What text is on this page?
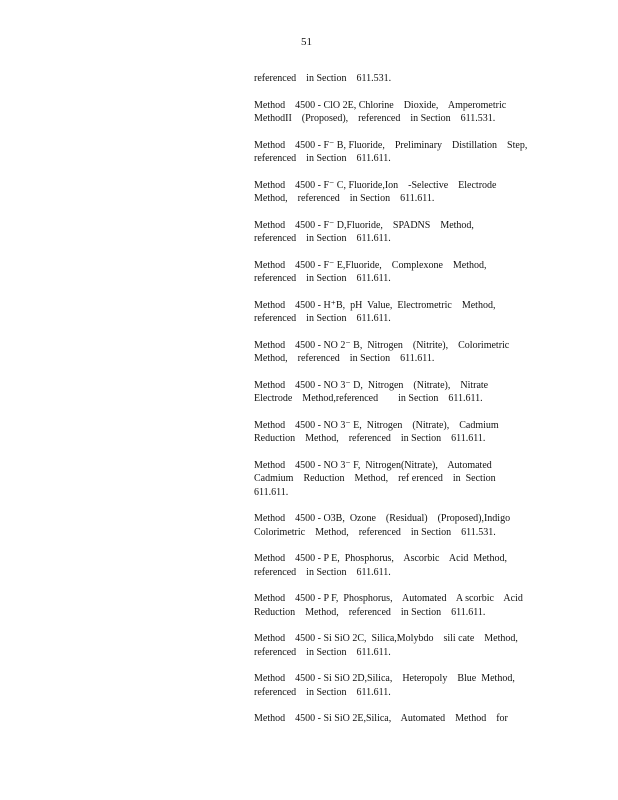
51
referenced    in Section    611.531.
Method    4500 - ClO 2E, Chlorine    Dioxide,    Amperometric
MethodII    (Proposed),    referenced    in Section    611.531.
Method    4500 - F⁻ B, Fluoride,    Preliminary    Distillation    Step,
referenced    in Section    611.611.
Method    4500 - F⁻ C, Fluoride,Ion    -Selective    Electrode
Method,    referenced    in Section    611.611.
Method    4500 - F⁻ D,Fluoride,    SPADNS    Method,
referenced    in Section    611.611.
Method    4500 - F⁻ E,Fluoride,    Complexone    Method,
referenced    in Section    611.611.
Method    4500 - H⁺B,  pH  Value,  Electrometric    Method,
referenced    in Section    611.611.
Method    4500 - NO 2⁻ B,  Nitrogen    (Nitrite),    Colorimetric
Method,    referenced    in Section    611.611.
Method    4500 - NO 3⁻ D,  Nitrogen    (Nitrate),    Nitrate
Electrode    Method,referenced        in Section    611.611.
Method    4500 - NO 3⁻ E,  Nitrogen    (Nitrate),    Cadmium
Reduction    Method,    referenced    in Section    611.611.
Method    4500 - NO 3⁻ F,  Nitrogen(Nitrate),    Automated
Cadmium    Reduction    Method,    ref erenced    in  Section
611.611.
Method    4500 - O3B,  Ozone    (Residual)    (Proposed),Indigo
Colorimetric    Method,    referenced    in Section    611.531.
Method    4500 - P E,  Phosphorus,    Ascorbic    Acid  Method,
referenced    in Section    611.611.
Method    4500 - P F,  Phosphorus,    Automated    A scorbic    Acid
Reduction    Method,    referenced    in Section    611.611.
Method    4500 - Si SiO 2C,  Silica,Molybdo    sili cate    Method,
referenced    in Section    611.611.
Method    4500 - Si SiO 2D,Silica,    Heteropoly    Blue  Method,
referenced    in Section    611.611.
Method    4500 - Si SiO 2E,Silica,    Automated    Method    for
